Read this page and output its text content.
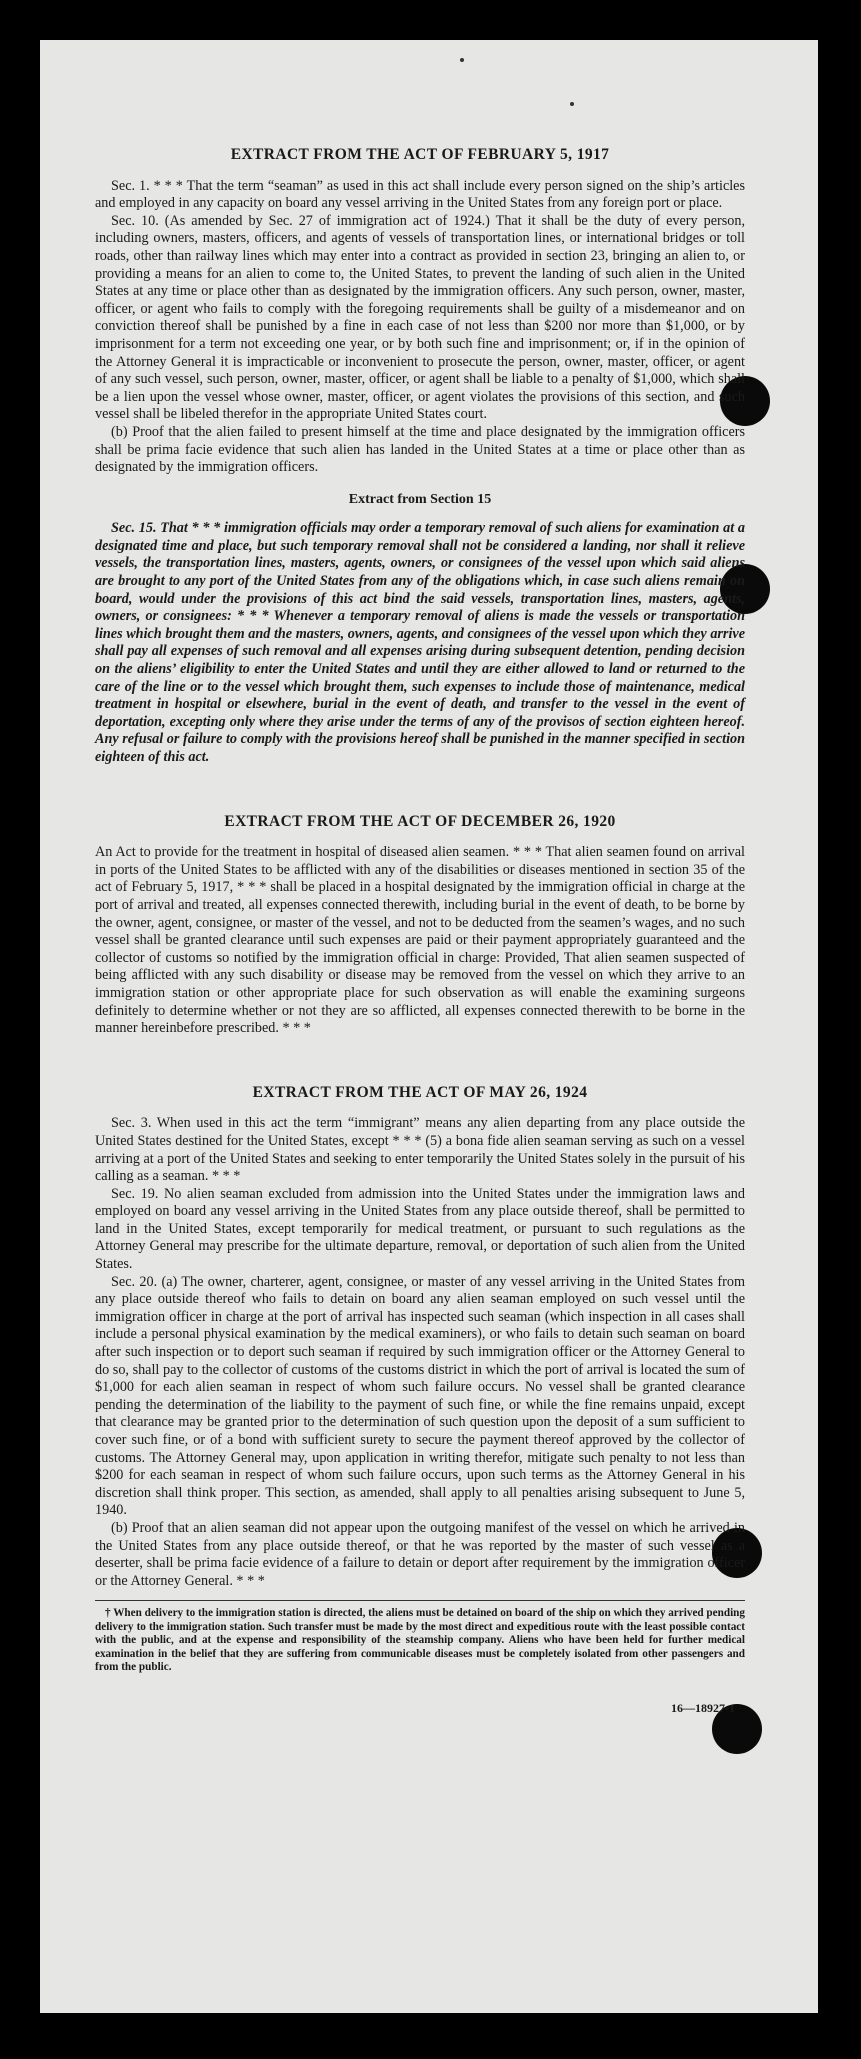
EXTRACT FROM THE ACT OF FEBRUARY 5, 1917

Sec. 1. * * * That the term “seaman” as used in this act shall include every person signed on the ship’s articles and employed in any capacity on board any vessel arriving in the United States from any foreign port or place.

Sec. 10. (As amended by Sec. 27 of immigration act of 1924.) That it shall be the duty of every person, including owners, masters, officers, and agents of vessels of transportation lines, or international bridges or toll roads, other than railway lines which may enter into a contract as provided in section 23, bringing an alien to, or providing a means for an alien to come to, the United States, to prevent the landing of such alien in the United States at any time or place other than as designated by the immigration officers. Any such person, owner, master, officer, or agent who fails to comply with the foregoing requirements shall be guilty of a misdemeanor and on conviction thereof shall be punished by a fine in each case of not less than $200 nor more than $1,000, or by imprisonment for a term not exceeding one year, or by both such fine and imprisonment; or, if in the opinion of the Attorney General it is impracticable or inconvenient to prosecute the person, owner, master, officer, or agent of any such vessel, such person, owner, master, officer, or agent shall be liable to a penalty of $1,000, which shall be a lien upon the vessel whose owner, master, officer, or agent violates the provisions of this section, and such vessel shall be libeled therefor in the appropriate United States court.

(b) Proof that the alien failed to present himself at the time and place designated by the immigration officers shall be prima facie evidence that such alien has landed in the United States at a time or place other than as designated by the immigration officers.

Extract from Section 15

Sec. 15. That * * * immigration officials may order a temporary removal of such aliens for examination at a designated time and place, but such temporary removal shall not be considered a landing, nor shall it relieve vessels, the transportation lines, masters, agents, owners, or consignees of the vessel upon which said aliens are brought to any port of the United States from any of the obligations which, in case such aliens remain on board, would under the provisions of this act bind the said vessels, transportation lines, masters, agents, owners, or consignees: * * * Whenever a temporary removal of aliens is made the vessels or transportation lines which brought them and the masters, owners, agents, and consignees of the vessel upon which they arrive shall pay all expenses of such removal and all expenses arising during subsequent detention, pending decision on the aliens’ eligibility to enter the United States and until they are either allowed to land or returned to the care of the line or to the vessel which brought them, such expenses to include those of maintenance, medical treatment in hospital or elsewhere, burial in the event of death, and transfer to the vessel in the event of deportation, excepting only where they arise under the terms of any of the provisos of section eighteen hereof. Any refusal or failure to comply with the provisions hereof shall be punished in the manner specified in section eighteen of this act.

EXTRACT FROM THE ACT OF DECEMBER 26, 1920

An Act to provide for the treatment in hospital of diseased alien seamen. * * * That alien seamen found on arrival in ports of the United States to be afflicted with any of the disabilities or diseases mentioned in section 35 of the act of February 5, 1917, * * * shall be placed in a hospital designated by the immigration official in charge at the port of arrival and treated, all expenses connected therewith, including burial in the event of death, to be borne by the owner, agent, consignee, or master of the vessel, and not to be deducted from the seamen’s wages, and no such vessel shall be granted clearance until such expenses are paid or their payment appropriately guaranteed and the collector of customs so notified by the immigration official in charge: Provided, That alien seamen suspected of being afflicted with any such disability or disease may be removed from the vessel on which they arrive to an immigration station or other appropriate place for such observation as will enable the examining surgeons definitely to determine whether or not they are so afflicted, all expenses connected therewith to be borne in the manner hereinbefore prescribed. * * *

EXTRACT FROM THE ACT OF MAY 26, 1924

Sec. 3. When used in this act the term “immigrant” means any alien departing from any place outside the United States destined for the United States, except * * * (5) a bona fide alien seaman serving as such on a vessel arriving at a port of the United States and seeking to enter temporarily the United States solely in the pursuit of his calling as a seaman. * * *

Sec. 19. No alien seaman excluded from admission into the United States under the immigration laws and employed on board any vessel arriving in the United States from any place outside thereof, shall be permitted to land in the United States, except temporarily for medical treatment, or pursuant to such regulations as the Attorney General may prescribe for the ultimate departure, removal, or deportation of such alien from the United States.

Sec. 20. (a) The owner, charterer, agent, consignee, or master of any vessel arriving in the United States from any place outside thereof who fails to detain on board any alien seaman employed on such vessel until the immigration officer in charge at the port of arrival has inspected such seaman (which inspection in all cases shall include a personal physical examination by the medical examiners), or who fails to detain such seaman on board after such inspection or to deport such seaman if required by such immigration officer or the Attorney General to do so, shall pay to the collector of customs of the customs district in which the port of arrival is located the sum of $1,000 for each alien seaman in respect of whom such failure occurs. No vessel shall be granted clearance pending the determination of the liability to the payment of such fine, or while the fine remains unpaid, except that clearance may be granted prior to the determination of such question upon the deposit of a sum sufficient to cover such fine, or of a bond with sufficient surety to secure the payment thereof approved by the collector of customs. The Attorney General may, upon application in writing therefor, mitigate such penalty to not less than $200 for each seaman in respect of whom such failure occurs, upon such terms as the Attorney General in his discretion shall think proper. This section, as amended, shall apply to all penalties arising subsequent to June 5, 1940.

(b) Proof that an alien seaman did not appear upon the outgoing manifest of the vessel on which he arrived in the United States from any place outside thereof, or that he was reported by the master of such vessel as a deserter, shall be prima facie evidence of a failure to detain or deport after requirement by the immigration officer or the Attorney General. * * *

† When delivery to the immigration station is directed, the aliens must be detained on board of the ship on which they arrived pending delivery to the immigration station. Such transfer must be made by the most direct and expeditious route with the least possible contact with the public, and at the expense and responsibility of the steamship company. Aliens who have been held for further medical examination in the belief that they are suffering from communicable diseases must be completely isolated from other passengers and from the public.

16—18927-1
